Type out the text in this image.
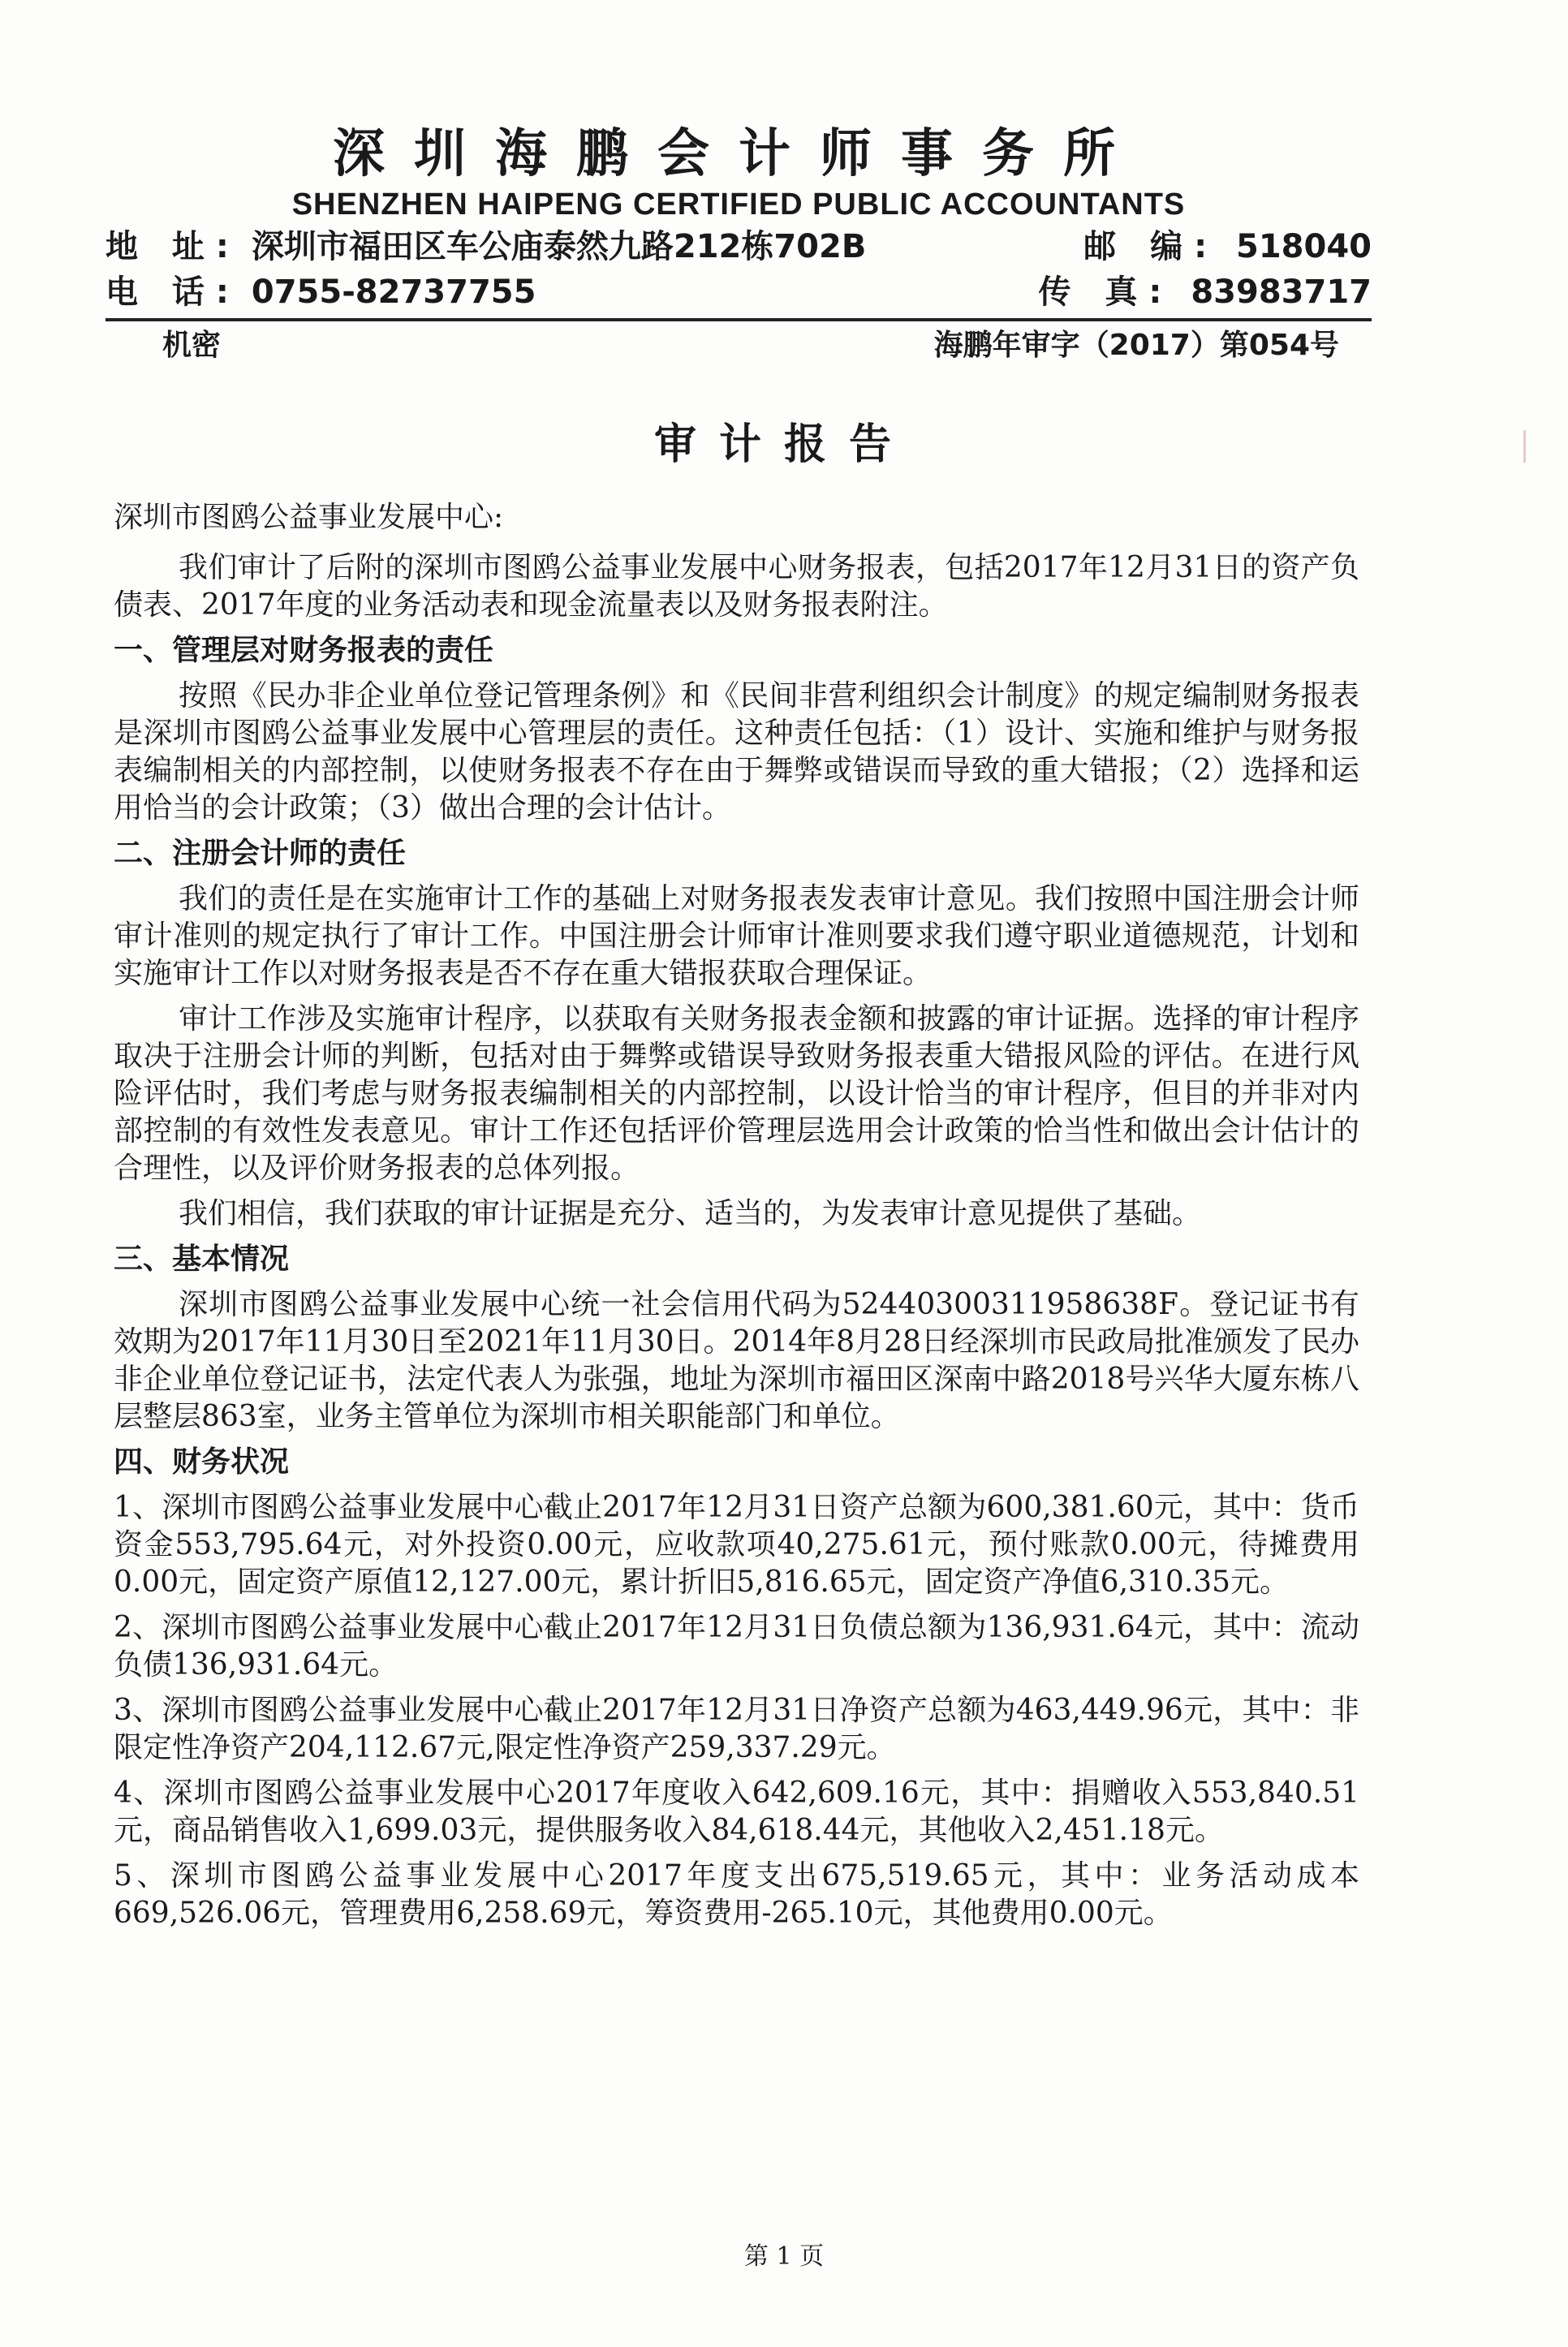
深圳海鹏会计师事务所
SHENZHEN HAIPENG CERTIFIED PUBLIC ACCOUNTANTS
地 址: 深圳市福田区车公庙泰然九路212栋702B	邮 编: 518040
电 话: 0755-82737755	传 真: 83983717
机密	海鹏年审字（2017）第054号
审计报告

深圳市图鸥公益事业发展中心:

我们审计了后附的深圳市图鸥公益事业发展中心财务报表，包括2017年12月31日的资产负债表、2017年度的业务活动表和现金流量表以及财务报表附注。

一、管理层对财务报表的责任

按照《民办非企业单位登记管理条例》和《民间非营利组织会计制度》的规定编制财务报表是深圳市图鸥公益事业发展中心管理层的责任。这种责任包括：（1）设计、实施和维护与财务报表编制相关的内部控制，以使财务报表不存在由于舞弊或错误而导致的重大错报；（2）选择和运用恰当的会计政策；（3）做出合理的会计估计。

二、注册会计师的责任

我们的责任是在实施审计工作的基础上对财务报表发表审计意见。我们按照中国注册会计师审计准则的规定执行了审计工作。中国注册会计师审计准则要求我们遵守职业道德规范，计划和实施审计工作以对财务报表是否不存在重大错报获取合理保证。

审计工作涉及实施审计程序，以获取有关财务报表金额和披露的审计证据。选择的审计程序取决于注册会计师的判断，包括对由于舞弊或错误导致财务报表重大错报风险的评估。在进行风险评估时，我们考虑与财务报表编制相关的内部控制，以设计恰当的审计程序，但目的并非对内部控制的有效性发表意见。审计工作还包括评价管理层选用会计政策的恰当性和做出会计估计的合理性，以及评价财务报表的总体列报。

我们相信，我们获取的审计证据是充分、适当的，为发表审计意见提供了基础。

三、基本情况

深圳市图鸥公益事业发展中心统一社会信用代码为52440300311958638F。登记证书有效期为2017年11月30日至2021年11月30日。2014年8月28日经深圳市民政局批准颁发了民办非企业单位登记证书，法定代表人为张强，地址为深圳市福田区深南中路2018号兴华大厦东栋八层整层863室，业务主管单位为深圳市相关职能部门和单位。

四、财务状况

1、深圳市图鸥公益事业发展中心截止2017年12月31日资产总额为600,381.60元，其中：货币资金553,795.64元，对外投资0.00元，应收款项40,275.61元，预付账款0.00元，待摊费用0.00元，固定资产原值12,127.00元，累计折旧5,816.65元，固定资产净值6,310.35元。

2、深圳市图鸥公益事业发展中心截止2017年12月31日负债总额为136,931.64元，其中：流动负债136,931.64元。

3、深圳市图鸥公益事业发展中心截止2017年12月31日净资产总额为463,449.96元，其中：非限定性净资产204,112.67元,限定性净资产259,337.29元。

4、深圳市图鸥公益事业发展中心2017年度收入642,609.16元，其中：捐赠收入553,840.51元，商品销售收入1,699.03元，提供服务收入84,618.44元，其他收入2,451.18元。

5、深圳市图鸥公益事业发展中心2017年度支出675,519.65元，其中：业务活动成本669,526.06元，管理费用6,258.69元，筹资费用-265.10元，其他费用0.00元。

第 1 页
